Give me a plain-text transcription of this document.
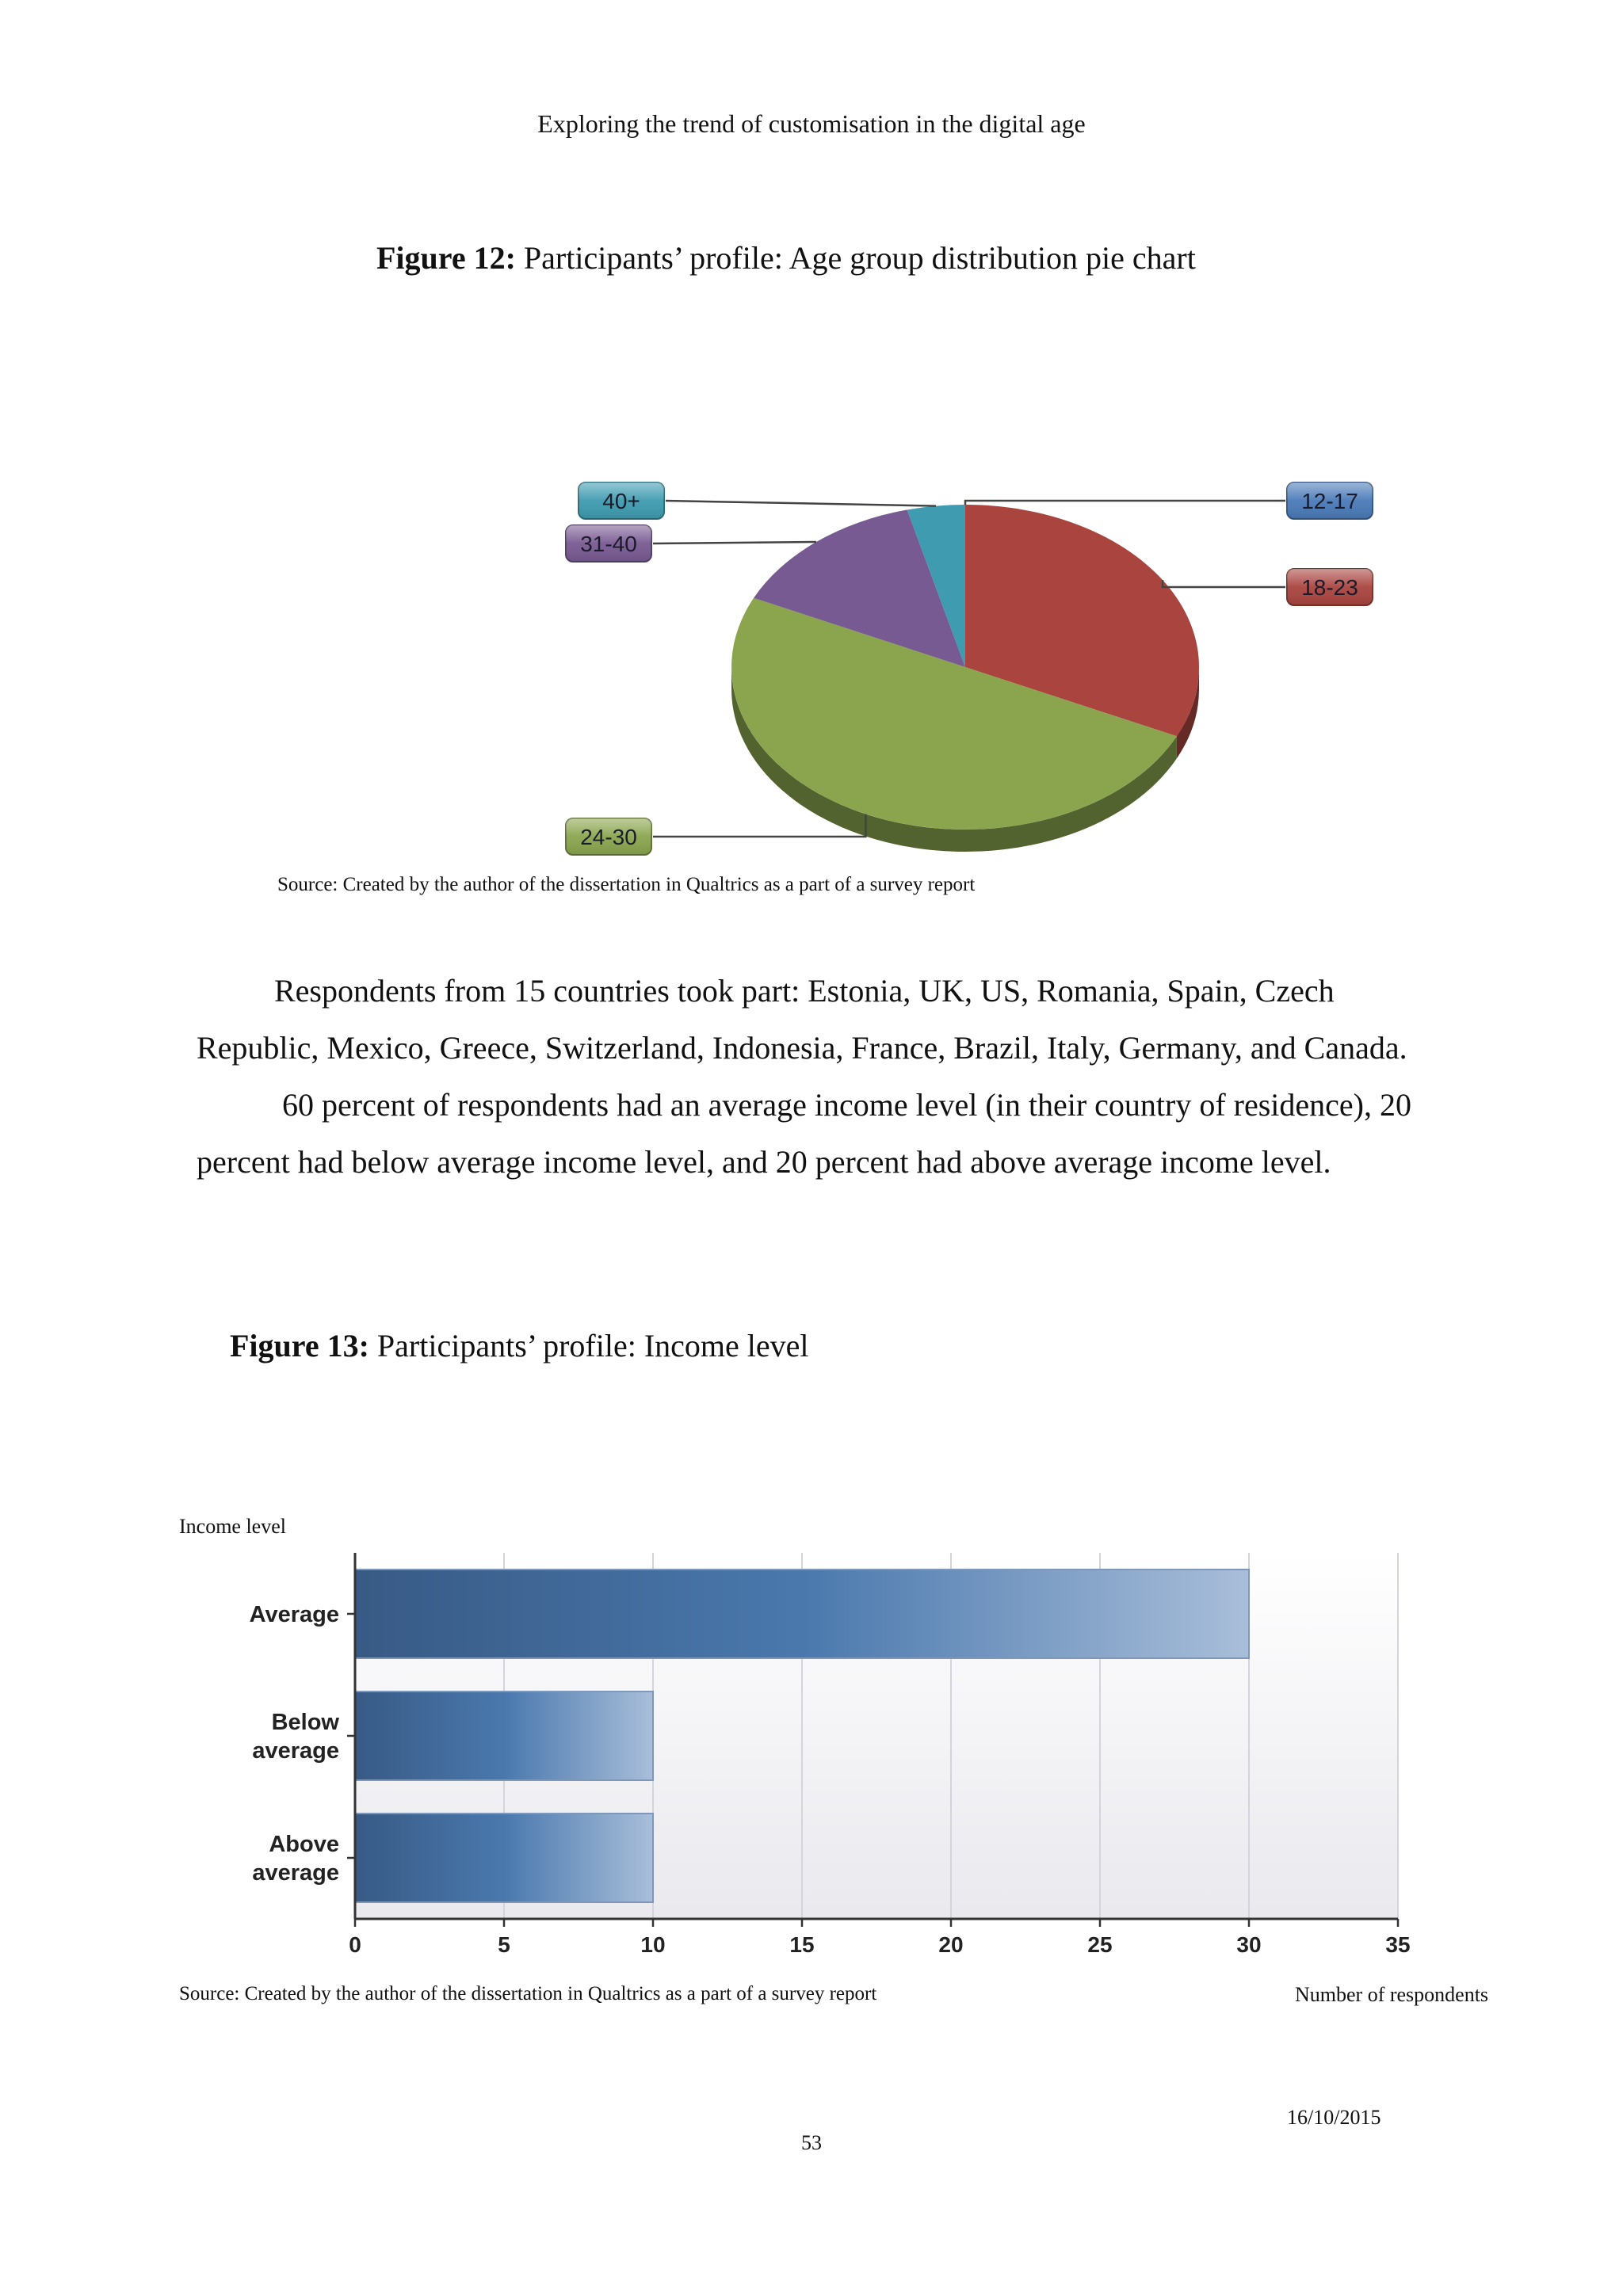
Exploring the trend of customisation in the digital age
Figure 12: Participants’ profile: Age group distribution pie chart
12-17
18-23
24-30
31-40
40+
Source: Created by the author of the dissertation in Qualtrics as a part of a survey report

Respondents from 15 countries took part: Estonia, UK, US, Romania, Spain, Czech Republic, Mexico, Greece, Switzerland, Indonesia, France, Brazil, Italy, Germany, and Canada.

60 percent of respondents had an average income level (in their country of residence), 20 percent had below average income level, and 20 percent had above average income level.

Figure 13: Participants’ profile: Income level
Income level
0	5	10	15	20	25	30	35
Average
Below
average
Above
average
Source: Created by the author of the dissertation in Qualtrics as a part of a survey report	Number of respondents
16/10/2015
53
